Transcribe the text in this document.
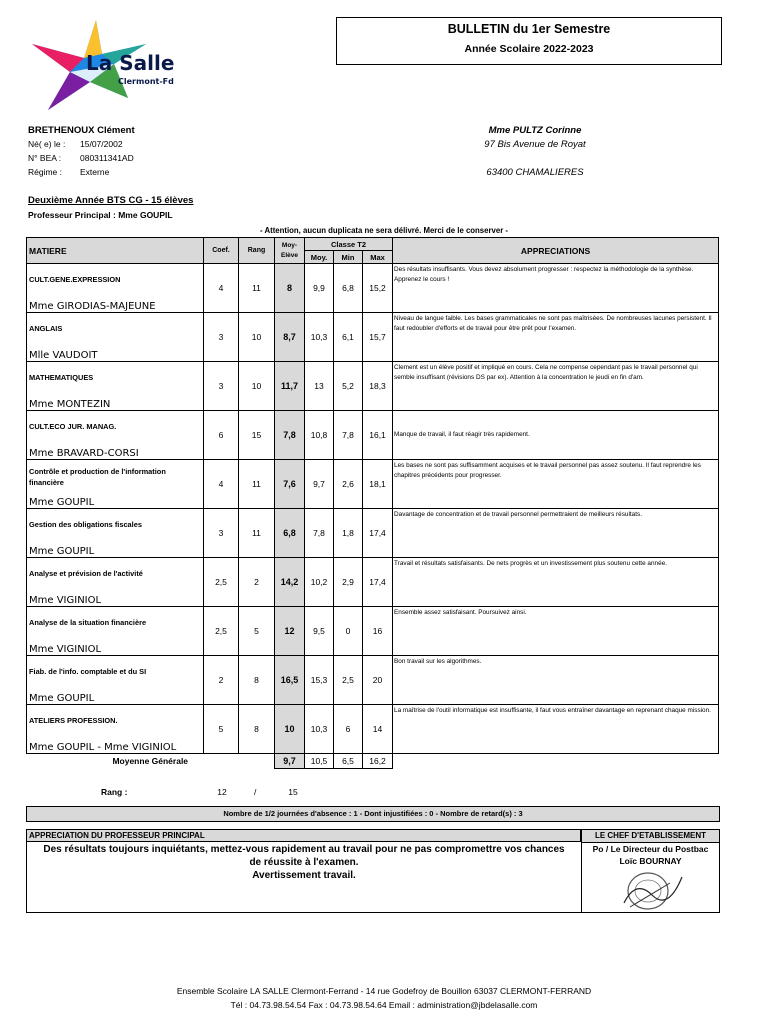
La Salle
Clermont-Fd
BULLETIN du 1er Semestre
Année Scolaire 2022-2023
BRETHENOUX Clément
Né( e) le : 15/07/2002
N° BEA : 080311341AD
Régime : Externe
Mme PULTZ Corinne
97 Bis Avenue de Royat
63400 CHAMALIERES
Deuxième Année BTS CG - 15 élèves
Professeur Principal : Mme GOUPIL
- Attention, aucun duplicata ne sera délivré. Merci de le conserver -
MATIERE	Coef.	Rang	Moy-Elève	Classe T2			APPRECIATIONS
				Moy.	Min	Max	

CULT.GENE.EXPRESSION
Mme GIRODIAS-MAJEUNE	4	11	8	9,9	6,8	15,2	Des résultats insuffisants. Vous devez absolument progresser : respectez la méthodologie de la synthèse. Apprenez le cours !

ANGLAIS
Mlle VAUDOIT	3	10	8,7	10,3	6,1	15,7	Niveau de langue faible. Les bases grammaticales ne sont pas maîtrisées. De nombreuses lacunes persistent. Il faut redoubler d'efforts et de travail pour être prêt pour l'examen.

MATHEMATIQUES
Mme MONTEZIN	3	10	11,7	13	5,2	18,3	Clement est un élève positif et impliqué en cours. Cela ne compense cependant pas le travail personnel qui semble insuffisant (révisions DS par ex). Attention à la concentration le jeudi en fin d'am.

CULT.ECO JUR. MANAG.
Mme BRAVARD-CORSI	6	15	7,8	10,8	7,8	16,1	Manque de travail, il faut réagir très rapidement.

Contrôle et production de l'information financière
Mme GOUPIL	4	11	7,6	9,7	2,6	18,1	Les bases ne sont pas suffisamment acquises et le travail personnel pas assez soutenu. Il faut reprendre les chapitres précédents pour progresser.

Gestion des obligations fiscales
Mme GOUPIL	3	11	6,8	7,8	1,8	17,4	Davantage de concentration et de travail personnel permettraient de meilleurs résultats.

Analyse et prévision de l'activité
Mme VIGINIOL	2,5	2	14,2	10,2	2,9	17,4	Travail et résultats satisfaisants. De nets progrès et un investissement plus soutenu cette année.

Analyse de la situation financière
Mme VIGINIOL	2,5	5	12	9,5	0	16	Ensemble assez satisfaisant. Poursuivez ainsi.

Fiab. de l'info. comptable et du SI
Mme GOUPIL	2	8	16,5	15,3	2,5	20	Bon travail sur les algorithmes.

ATELIERS PROFESSION.
Mme GOUPIL - Mme VIGINIOL	5	8	10	10,3	6	14	La maîtrise de l'outil informatique est insuffisante, il faut vous entraîner davantage en reprenant chaque mission.
Moyenne Générale			9,7	10,5	6,5	16,2	
Rang :	12	/	15
Nombre de 1/2 journées d'absence : 1 - Dont injustifiées : 0 - Nombre de retard(s) : 3
APPRECIATION DU PROFESSEUR PRINCIPAL	LE CHEF D'ETABLISSEMENT
Des résultats toujours inquiétants, mettez-vous rapidement au travail pour ne pas compromettre vos chances
de réussite à l'examen.
Avertissement travail.
Po / Le Directeur du Postbac
Loïc BOURNAY
Ensemble Scolaire LA SALLE Clermont-Ferrand - 14 rue Godefroy de Bouillon 63037 CLERMONT-FERRAND
Tél : 04.73.98.54.54 Fax : 04.73.98.54.64 Email : administration@jbdelasalle.com
